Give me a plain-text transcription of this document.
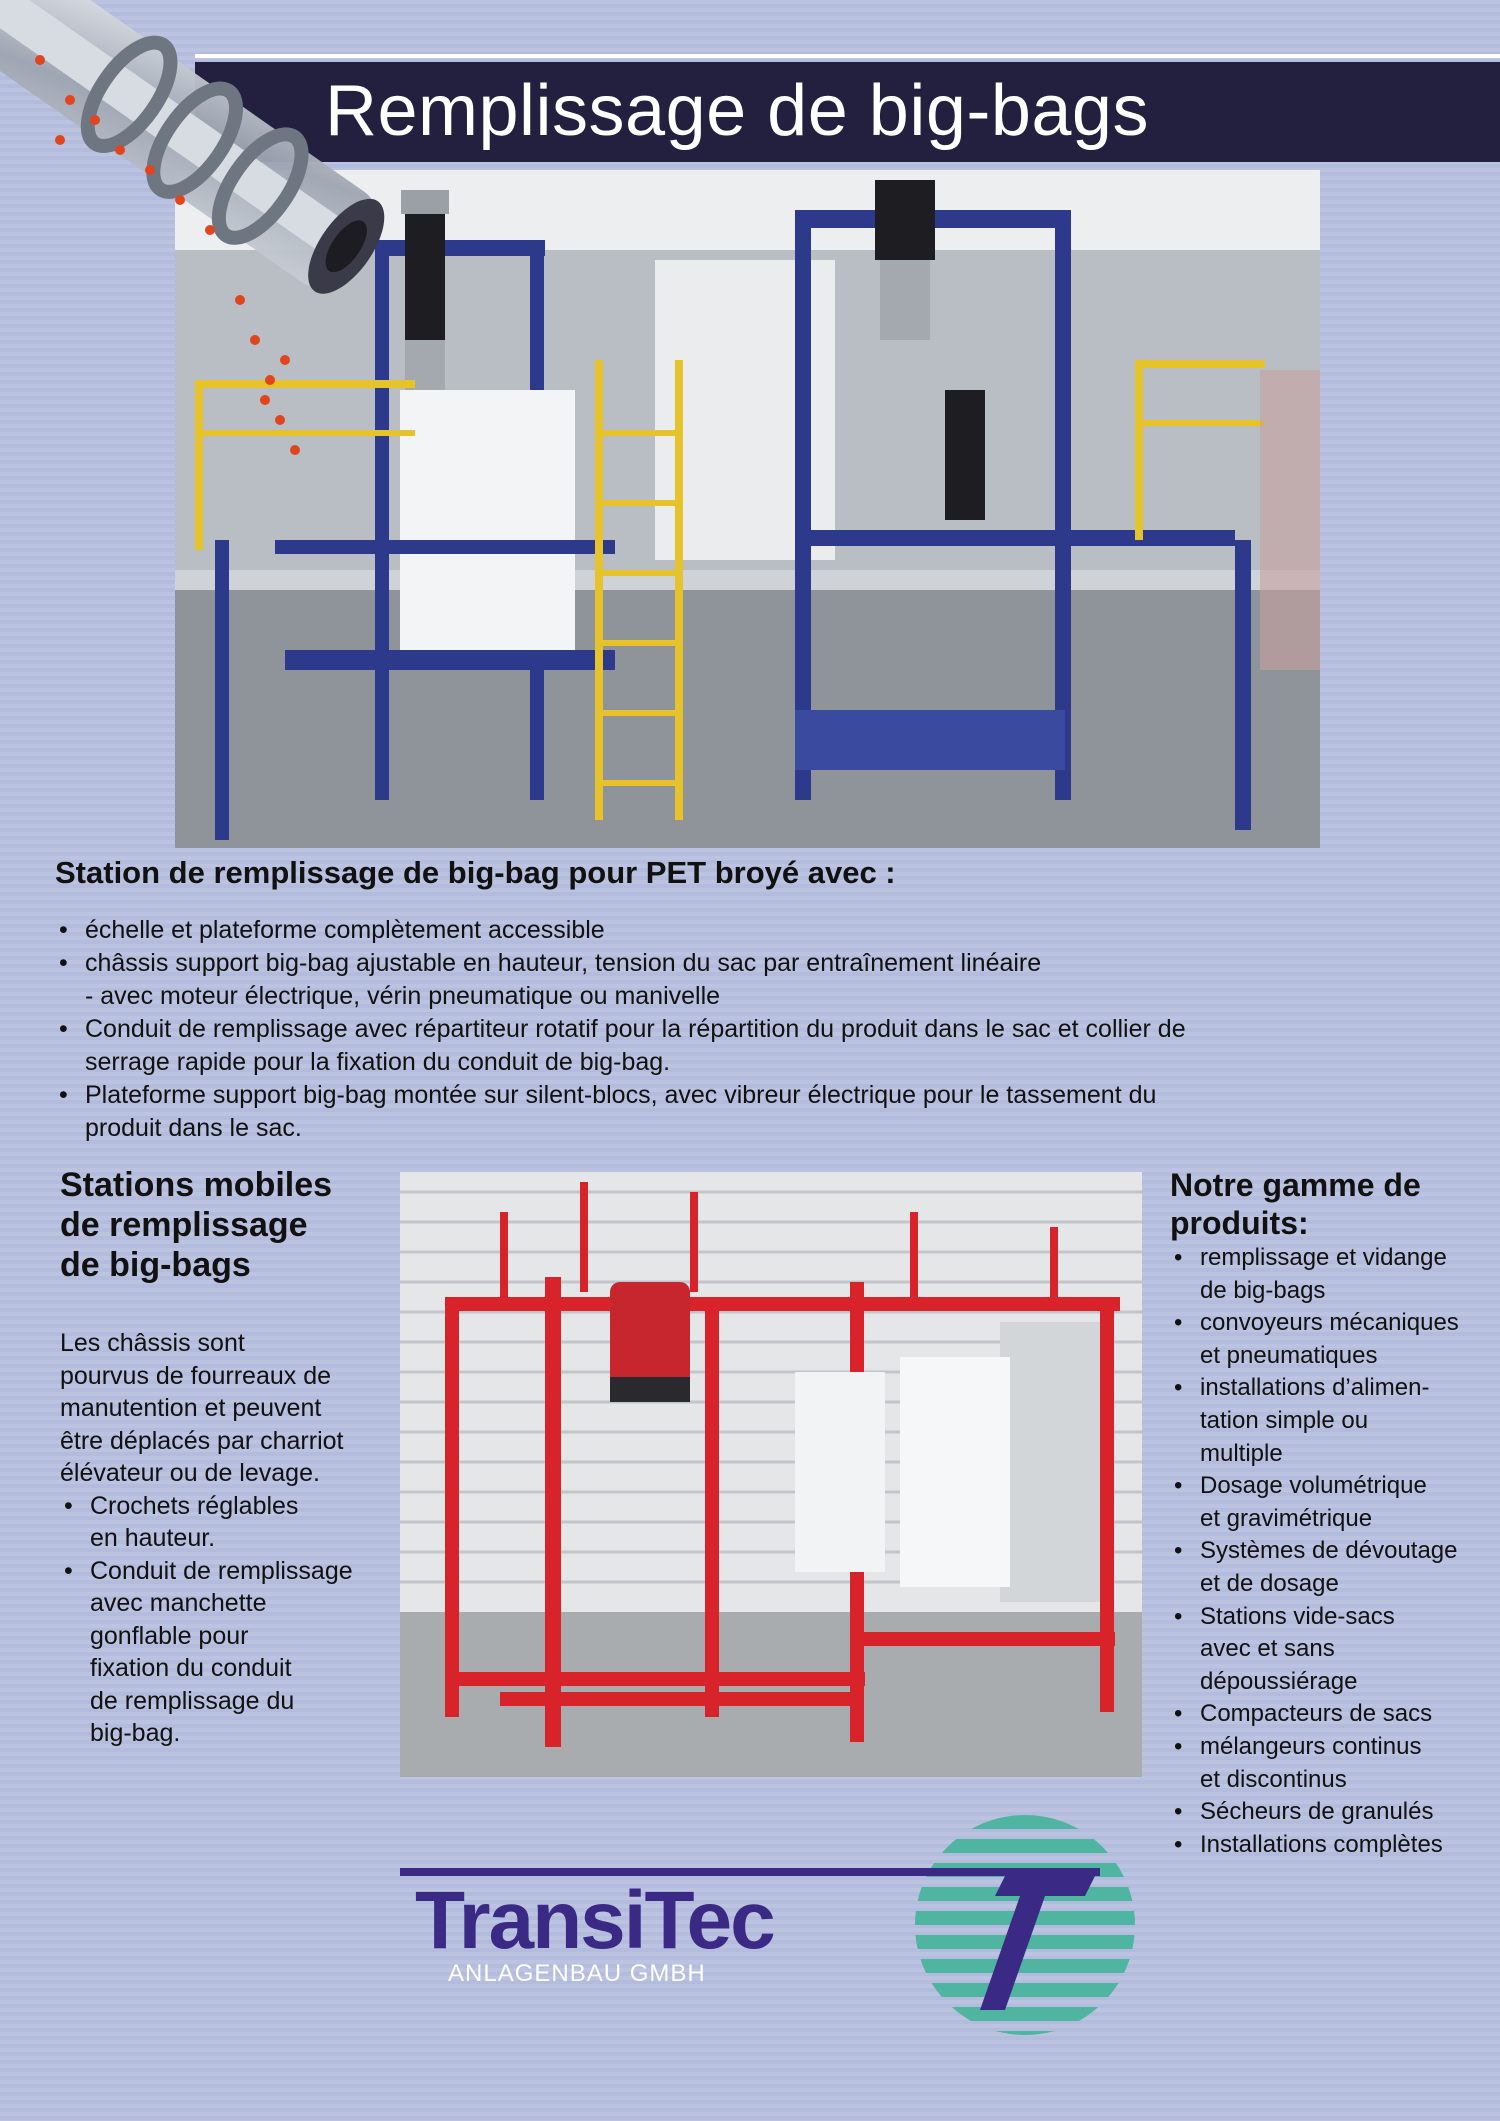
Remplissage de big-bags
Station de remplissage de big-bag pour PET broyé avec :
• échelle et plateforme complètement accessible
• châssis support big-bag ajustable en hauteur, tension du sac par entraînement linéaire
- avec moteur électrique, vérin pneumatique ou manivelle
• Conduit de remplissage avec répartiteur rotatif pour la répartition du produit dans le sac et collier de
serrage rapide pour la fixation du conduit de big-bag.
• Plateforme support big-bag montée sur silent-blocs, avec vibreur électrique pour le tassement du
produit dans le sac.
Stations mobiles
de remplissage
de big-bags

Les châssis sont
pourvus de fourreaux de
manutention et peuvent
être déplacés par charriot
élévateur ou de levage.

• Crochets réglables
en hauteur.
• Conduit de remplissage
avec manchette
gonflable pour
fixation du conduit
de remplissage du
big-bag.
Notre gamme de
produits:
• remplissage et vidange
de big-bags
• convoyeurs mécaniques
et pneumatiques
• installations d’alimen-
tation simple ou
multiple
• Dosage volumétrique
et gravimétrique
• Systèmes de dévoutage
et de dosage
• Stations vide-sacs
avec et sans
dépoussiérage
• Compacteurs de sacs
• mélangeurs continus
et discontinus
• Sécheurs de granulés
• Installations complètes
TransiTec
ANLAGENBAU GMBH
